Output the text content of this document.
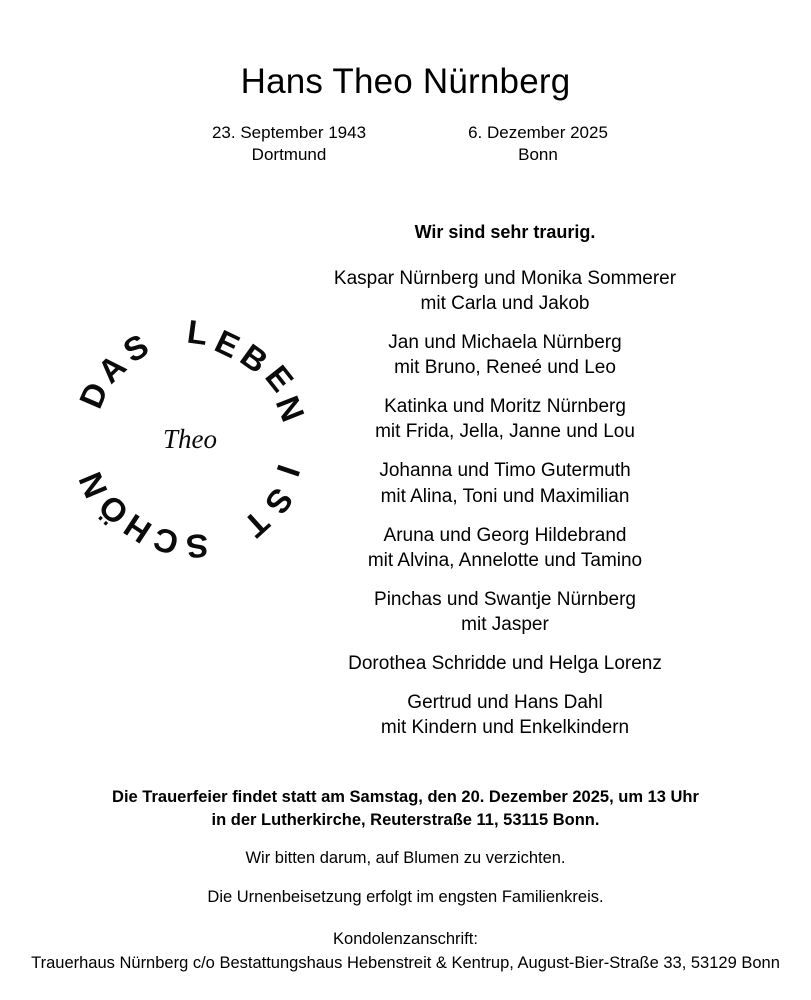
Hans Theo Nürnberg
23. September 1943
Dortmund
6. Dezember 2025
Bonn
D
A
S L E
B
E
N
I
S
T
S
C
H
Ö
N
Theo
Wir sind sehr traurig.
Kaspar Nürnberg und Monika Sommerer
mit Carla und Jakob
Jan und Michaela Nürnberg
mit Bruno, Reneé und Leo
Katinka und Moritz Nürnberg
mit Frida, Jella, Janne und Lou
Johanna und Timo Gutermuth
mit Alina, Toni und Maximilian
Aruna und Georg Hildebrand
mit Alvina, Annelotte und Tamino
Pinchas und Swantje Nürnberg
mit Jasper
Dorothea Schridde und Helga Lorenz
Gertrud und Hans Dahl
mit Kindern und Enkelkindern
Die Trauerfeier findet statt am Samstag, den 20. Dezember 2025, um 13 Uhr
in der Lutherkirche, Reuterstraße 11, 53115 Bonn.
Wir bitten darum, auf Blumen zu verzichten.
Die Urnenbeisetzung erfolgt im engsten Familienkreis.
Kondolenzanschrift:
Trauerhaus Nürnberg c/o Bestattungshaus Hebenstreit & Kentrup, August-Bier-Straße 33, 53129 Bonn
